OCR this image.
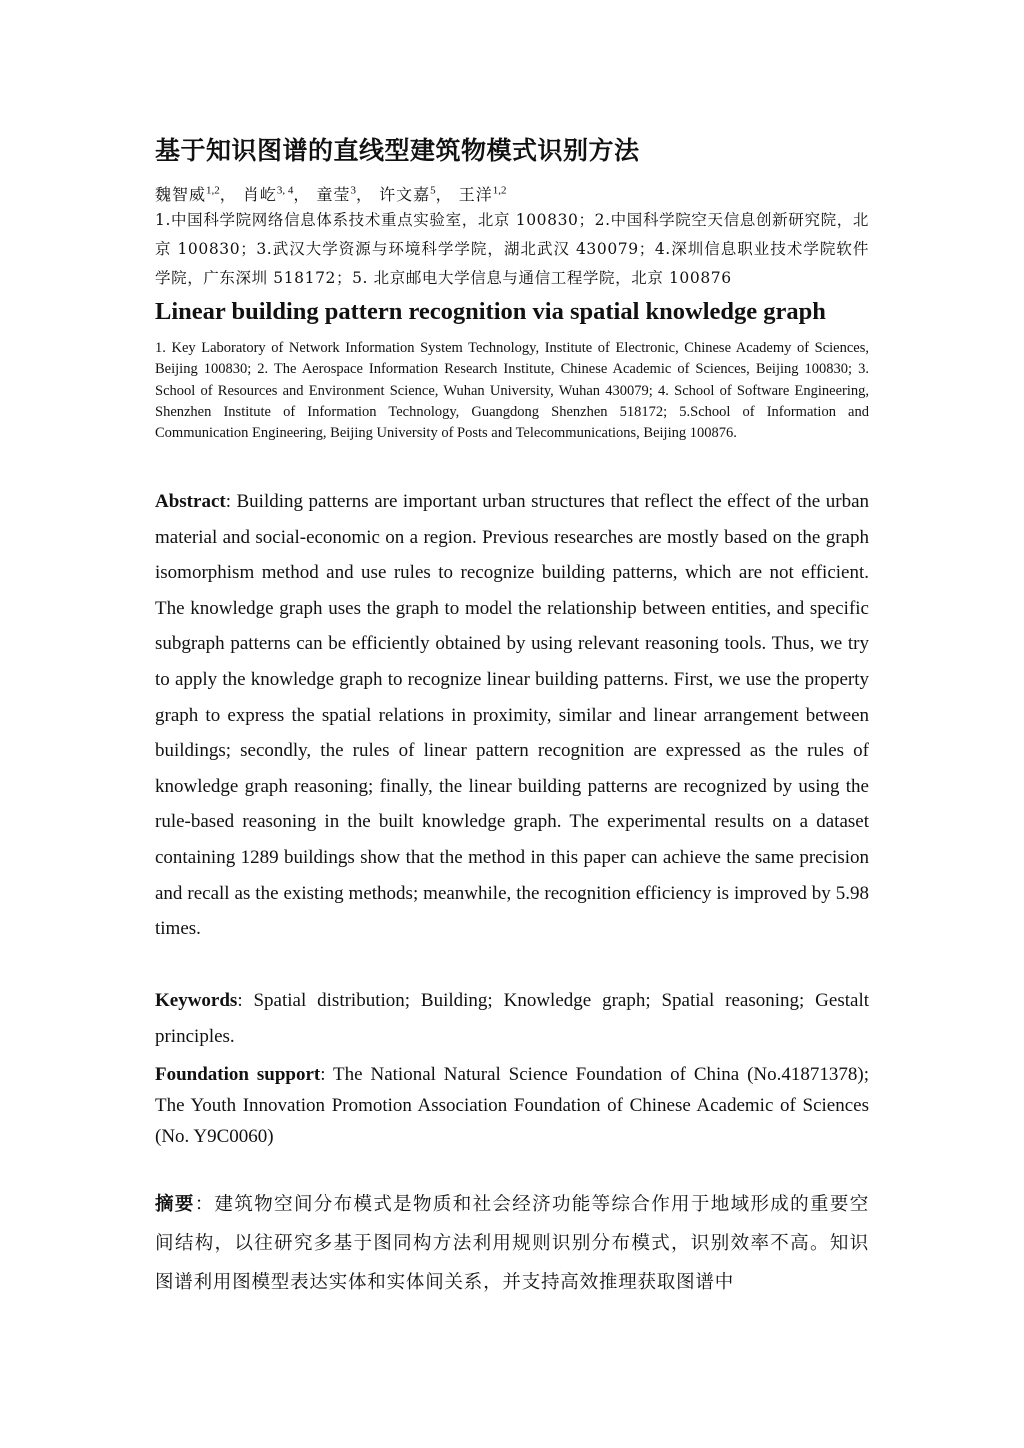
基于知识图谱的直线型建筑物模式识别方法
魏智威$^{1,2}$， 肖屹$^{3, 4}$， 童莹$^3$， 许文嘉$^5$， 王洋$^{1,2}$
1.中国科学院网络信息体系技术重点实验室，北京 100830；2.中国科学院空天信息创新研究院，北京 100830；3.武汉大学资源与环境科学学院，湖北武汉 430079；4.深圳信息职业技术学院软件学院，广东深圳 518172；5. 北京邮电大学信息与通信工程学院，北京 100876
Linear building pattern recognition via spatial knowledge graph
1. Key Laboratory of Network Information System Technology, Institute of Electronic, Chinese Academy of Sciences, Beijing 100830; 2. The Aerospace Information Research Institute, Chinese Academic of Sciences, Beijing 100830; 3. School of Resources and Environment Science, Wuhan University, Wuhan 430079; 4. School of Software Engineering, Shenzhen Institute of Information Technology, Guangdong Shenzhen 518172; 5.School of Information and Communication Engineering, Beijing University of Posts and Telecommunications, Beijing 100876.
Abstract: Building patterns are important urban structures that reflect the effect of the urban material and social-economic on a region. Previous researches are mostly based on the graph isomorphism method and use rules to recognize building patterns, which are not efficient. The knowledge graph uses the graph to model the relationship between entities, and specific subgraph patterns can be efficiently obtained by using relevant reasoning tools. Thus, we try to apply the knowledge graph to recognize linear building patterns. First, we use the property graph to express the spatial relations in proximity, similar and linear arrangement between buildings; secondly, the rules of linear pattern recognition are expressed as the rules of knowledge graph reasoning; finally, the linear building patterns are recognized by using the rule-based reasoning in the built knowledge graph. The experimental results on a dataset containing 1289 buildings show that the method in this paper can achieve the same precision and recall as the existing methods; meanwhile, the recognition efficiency is improved by 5.98 times.
Keywords: Spatial distribution; Building; Knowledge graph; Spatial reasoning; Gestalt principles.
Foundation support: The National Natural Science Foundation of China (No.41871378); The Youth Innovation Promotion Association Foundation of Chinese Academic of Sciences (No. Y9C0060)
摘要：建筑物空间分布模式是物质和社会经济功能等综合作用于地域形成的重要空间结构，以往研究多基于图同构方法利用规则识别分布模式，识别效率不高。知识图谱利用图模型表达实体和实体间关系，并支持高效推理获取图谱中
